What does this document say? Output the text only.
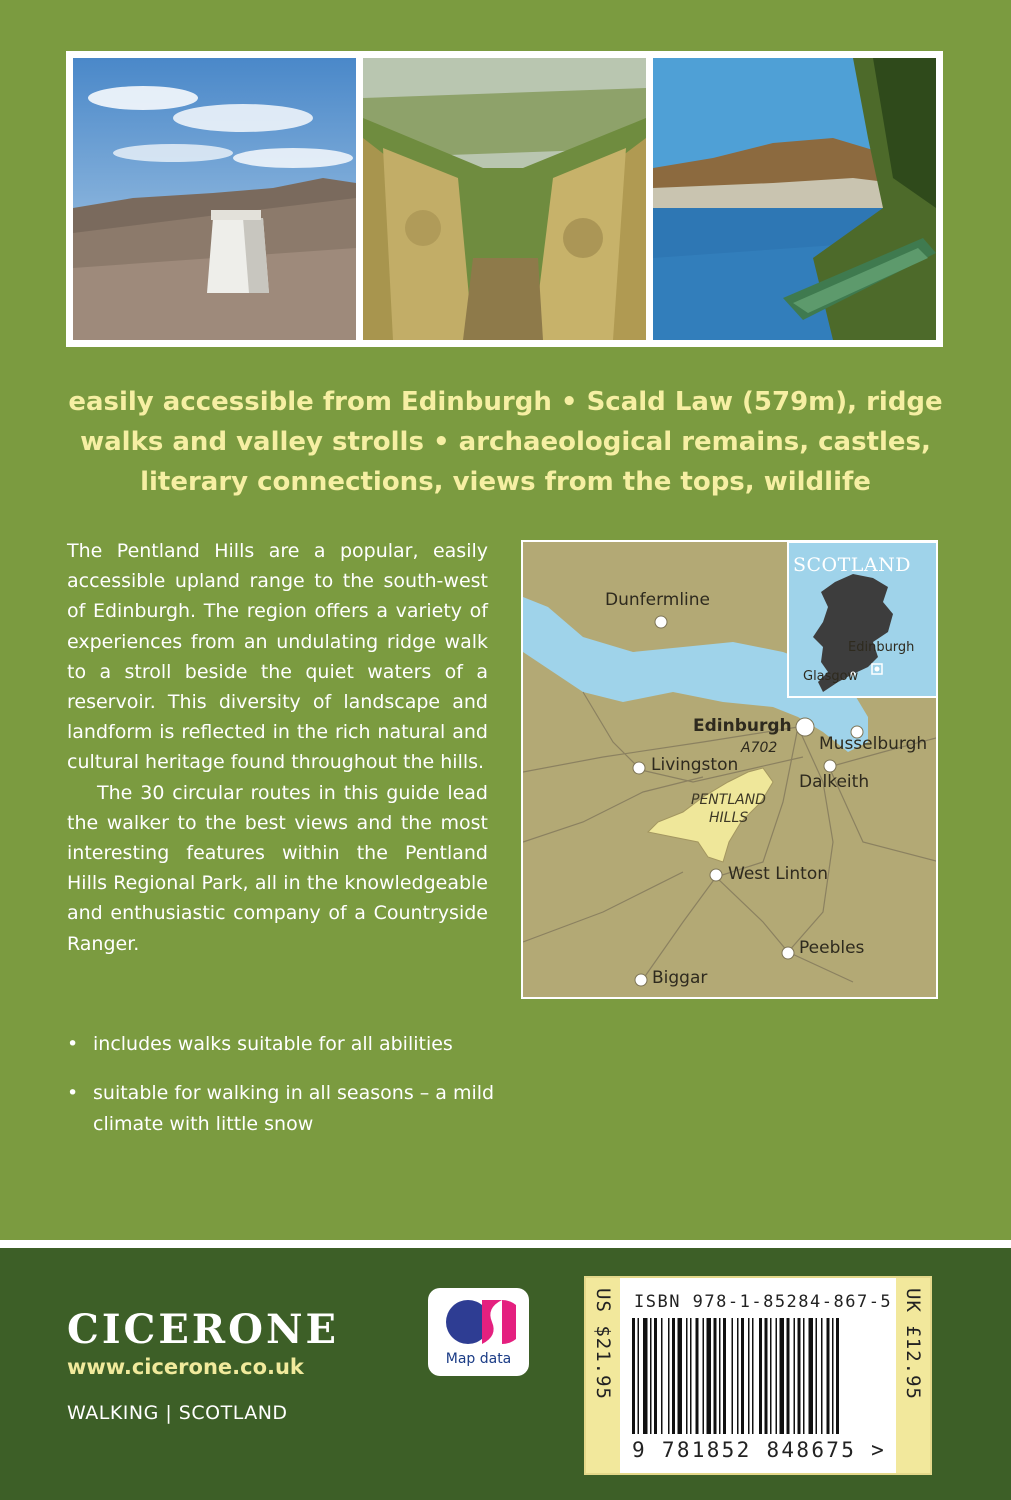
easily accessible from Edinburgh • Scald Law (579m), ridge
walks and valley strolls • archaeological remains, castles,
literary connections, views from the tops, wildlife

The Pentland Hills are a popular, easily accessible upland range to the south-west of Edinburgh. The region offers a variety of experiences from an undulating ridge walk to a stroll beside the quiet waters of a reservoir. This diversity of landscape and landform is reflected in the rich natural and cultural heritage found throughout the hills.

The 30 circular routes in this guide lead the walker to the best views and the most interesting features within the Pentland Hills Regional Park, all in the knowledgeable and enthusiastic company of a Countryside Ranger.

• includes walks suitable for all abilities
• suitable for walking in all seasons – a mild climate with little snow
SCOTLAND
Edinburgh
Glasgow
Dunfermline
Edinburgh
A702 Musselburgh
Livingston
Dalkeith
PENTLAND
HILLS
West Linton
Peebles
Biggar
CICERONE
www.cicerone.co.uk
WALKING | SCOTLAND
Map data	US $21.95	UK £12.95
ISBN 978-1-85284-867-5
9 781852 848675 >
